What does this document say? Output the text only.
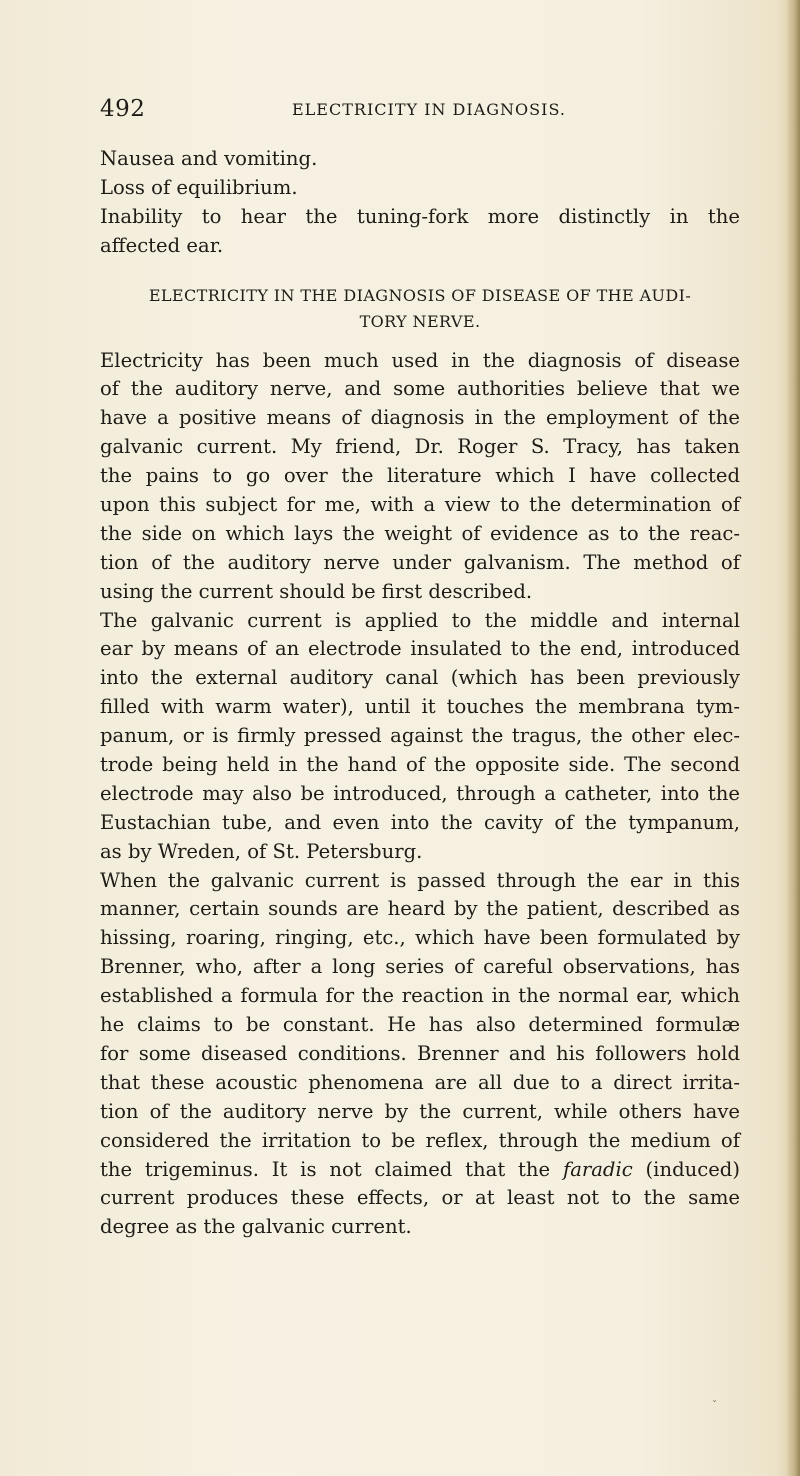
492	ELECTRICITY IN DIAGNOSIS.
Nausea and vomiting.
Loss of equilibrium.
Inability to hear the tuning-fork more distinctly in the
affected ear.
ELECTRICITY IN THE DIAGNOSIS OF DISEASE OF THE AUDI-
TORY NERVE.
Electricity has been much used in the diagnosis of disease
of the auditory nerve, and some authorities believe that we
have a positive means of diagnosis in the employment of the
galvanic current. My friend, Dr. Roger S. Tracy, has taken
the pains to go over the literature which I have collected
upon this subject for me, with a view to the determination of
the side on which lays the weight of evidence as to the reac-
tion of the auditory nerve under galvanism. The method of
using the current should be first described.
The galvanic current is applied to the middle and internal
ear by means of an electrode insulated to the end, introduced
into the external auditory canal (which has been previously
filled with warm water), until it touches the membrana tym-
panum, or is firmly pressed against the tragus, the other elec-
trode being held in the hand of the opposite side. The second
electrode may also be introduced, through a catheter, into the
Eustachian tube, and even into the cavity of the tympanum,
as by Wreden, of St. Petersburg.
When the galvanic current is passed through the ear in this
manner, certain sounds are heard by the patient, described as
hissing, roaring, ringing, etc., which have been formulated by
Brenner, who, after a long series of careful observations, has
established a formula for the reaction in the normal ear, which
he claims to be constant. He has also determined formulæ
for some diseased conditions. Brenner and his followers hold
that these acoustic phenomena are all due to a direct irrita-
tion of the auditory nerve by the current, while others have
considered the irritation to be reflex, through the medium of
the trigeminus. It is not claimed that the faradic (induced)
current produces these effects, or at least not to the same
degree as the galvanic current.
ˇ
